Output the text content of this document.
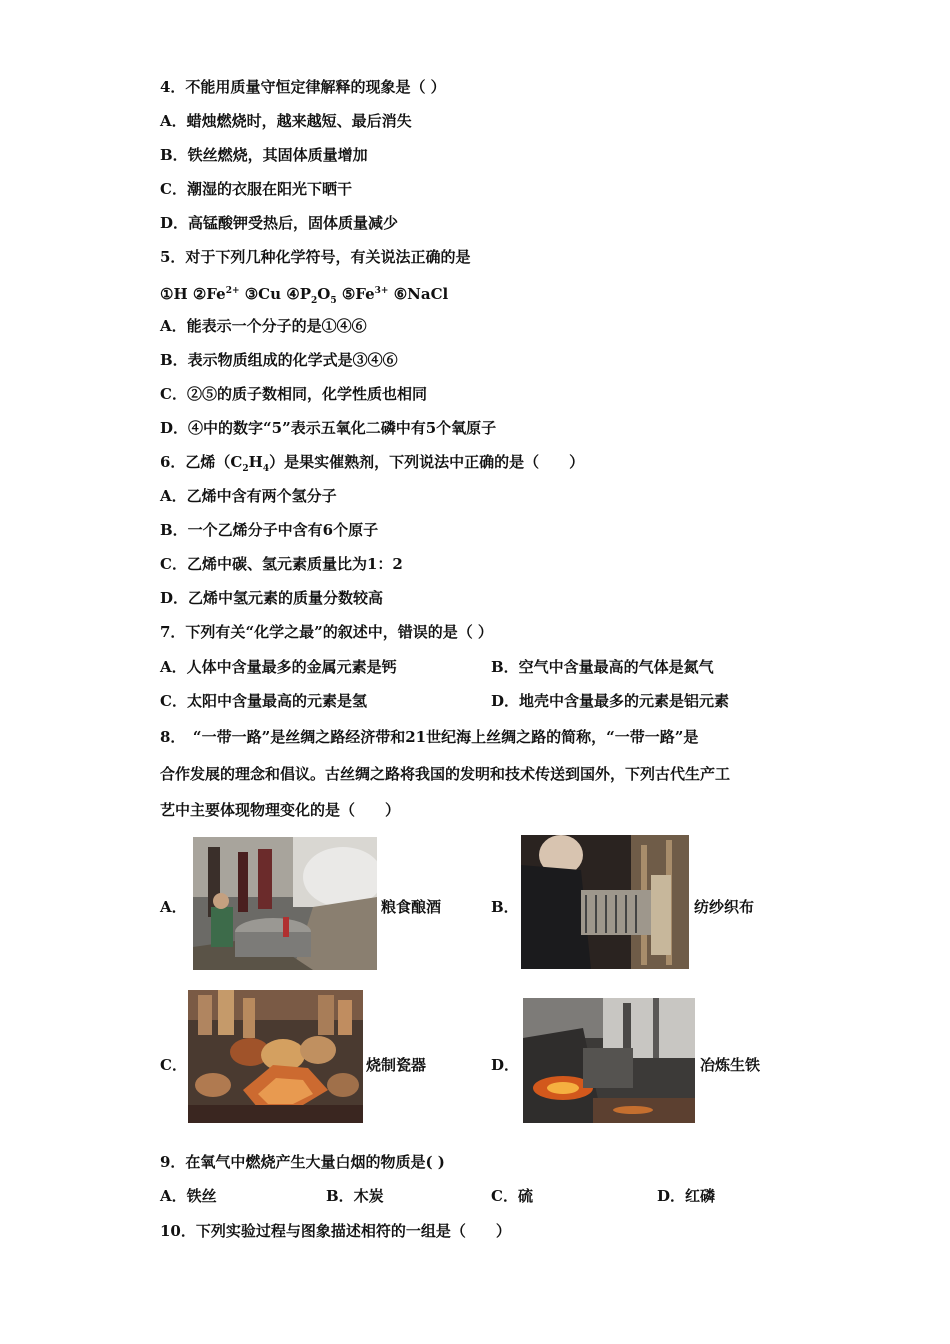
4．不能用质量守恒定律解释的现象是（ ）
A．蜡烛燃烧时，越来越短、最后消失
B．铁丝燃烧，其固体质量增加
C．潮湿的衣服在阳光下晒干
D．高锰酸钾受热后，固体质量减少
5．对于下列几种化学符号，有关说法正确的是
①H $②Fe^{2+}$ ③Cu $④P_2O_5$ $⑤Fe^{3+}$ ⑥NaCl
A．能表示一个分子的是①④⑥
B．表示物质组成的化学式是③④⑥
C．②⑤的质子数相同，化学性质也相同
D．④中的数字“5”表示五氧化二磷中有5个氧原子
6．乙烯$(C_2H_4)$是果实催熟剂，下列说法中正确的是（　　）
A．乙烯中含有两个氢分子
B．一个乙烯分子中含有6个原子
C．乙烯中碳、氢元素质量比为1：2
D．乙烯中氢元素的质量分数较高
7．下列有关“化学之最”的叙述中，错误的是（ ）
A．人体中含量最多的金属元素是钙	B．空气中含量最高的气体是氮气
C．太阳中含量最高的元素是氢	D．地壳中含量最多的元素是铝元素
8．　“一带一路”是丝绸之路经济带和21世纪海上丝绸之路的简称，“一带一路”是
合作发展的理念和倡议。古丝绸之路将我国的发明和技术传送到国外，下列古代生产工
艺中主要体现物理变化的是（　　）
A．	粮食酿酒	B．	纺纱织布
C．	烧制瓷器	D．	冶炼生铁
9．在氧气中燃烧产生大量白烟的物质是( )
A．铁丝	B．木炭	C．硫	D．红磷
10．下列实验过程与图象描述相符的一组是（　　）
